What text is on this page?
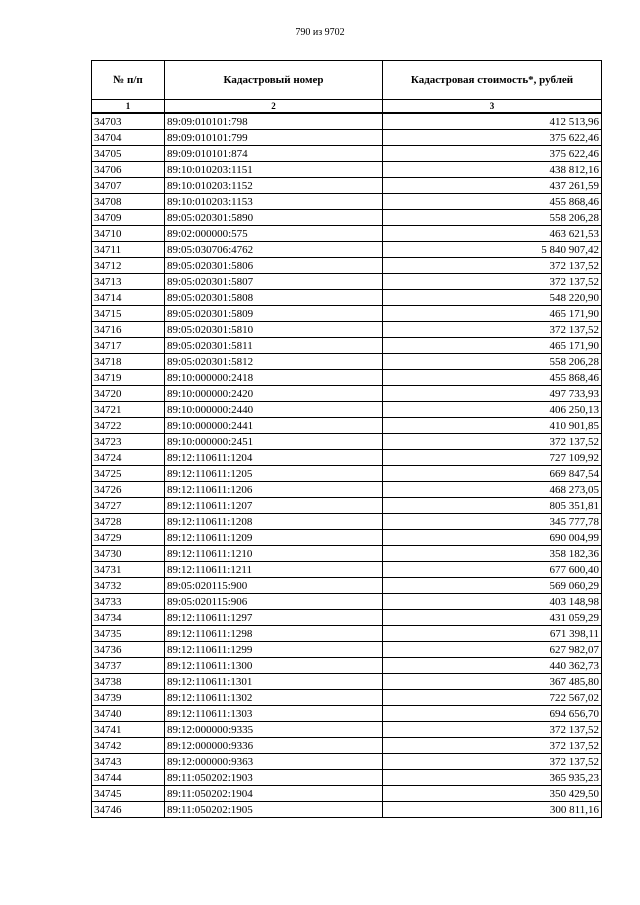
790 из 9702
№ п/п	Кадастровый номер	Кадастровая стоимость*, рублей
1	2	3
34703	89:09:010101:798	412 513,96
34704	89:09:010101:799	375 622,46
34705	89:09:010101:874	375 622,46
34706	89:10:010203:1151	438 812,16
34707	89:10:010203:1152	437 261,59
34708	89:10:010203:1153	455 868,46
34709	89:05:020301:5890	558 206,28
34710	89:02:000000:575	463 621,53
34711	89:05:030706:4762	5 840 907,42
34712	89:05:020301:5806	372 137,52
34713	89:05:020301:5807	372 137,52
34714	89:05:020301:5808	548 220,90
34715	89:05:020301:5809	465 171,90
34716	89:05:020301:5810	372 137,52
34717	89:05:020301:5811	465 171,90
34718	89:05:020301:5812	558 206,28
34719	89:10:000000:2418	455 868,46
34720	89:10:000000:2420	497 733,93
34721	89:10:000000:2440	406 250,13
34722	89:10:000000:2441	410 901,85
34723	89:10:000000:2451	372 137,52
34724	89:12:110611:1204	727 109,92
34725	89:12:110611:1205	669 847,54
34726	89:12:110611:1206	468 273,05
34727	89:12:110611:1207	805 351,81
34728	89:12:110611:1208	345 777,78
34729	89:12:110611:1209	690 004,99
34730	89:12:110611:1210	358 182,36
34731	89:12:110611:1211	677 600,40
34732	89:05:020115:900	569 060,29
34733	89:05:020115:906	403 148,98
34734	89:12:110611:1297	431 059,29
34735	89:12:110611:1298	671 398,11
34736	89:12:110611:1299	627 982,07
34737	89:12:110611:1300	440 362,73
34738	89:12:110611:1301	367 485,80
34739	89:12:110611:1302	722 567,02
34740	89:12:110611:1303	694 656,70
34741	89:12:000000:9335	372 137,52
34742	89:12:000000:9336	372 137,52
34743	89:12:000000:9363	372 137,52
34744	89:11:050202:1903	365 935,23
34745	89:11:050202:1904	350 429,50
34746	89:11:050202:1905	300 811,16
